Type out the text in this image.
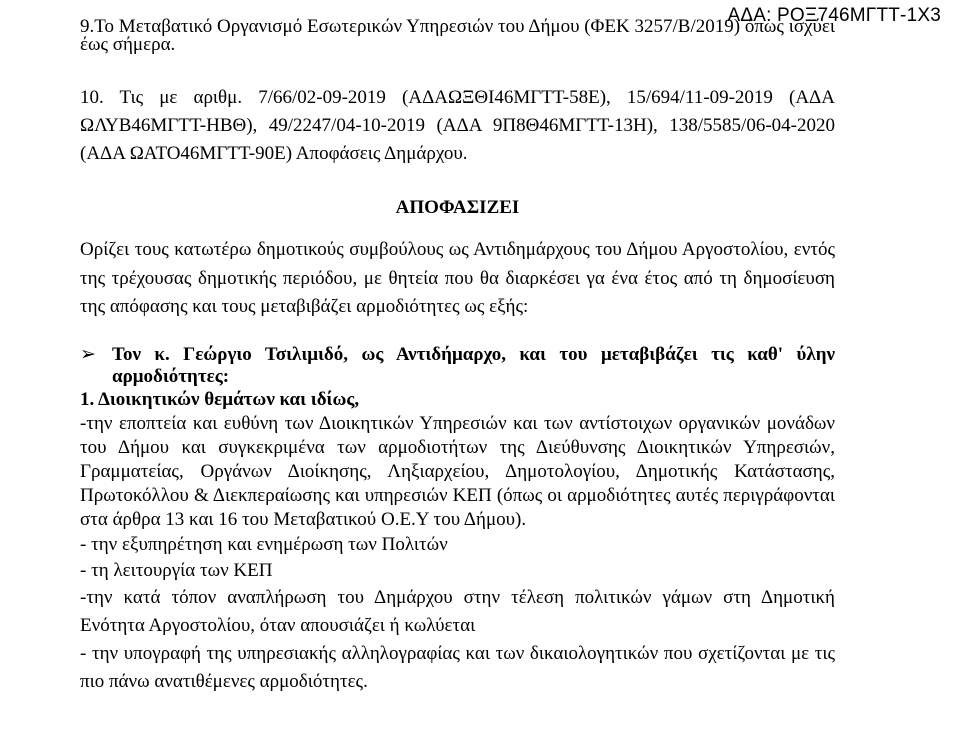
ΑΔΑ: ΡΟΞ746ΜΓΤΤ-1Χ3

9.Το Μεταβατικό Οργανισμό Εσωτερικών Υπηρεσιών του Δήμου (ΦΕΚ 3257/Β/2019) όπως ισχύει έως σήμερα.

10. Τις με αριθμ. 7/66/02-09-2019 (ΑΔΑΩΞΘΙ46ΜΓΤΤ-58Ε), 15/694/11-09-2019 (ΑΔΑ ΩΛΥΒ46ΜΓΤΤ-ΗΒΘ), 49/2247/04-10-2019 (ΑΔΑ 9Π8Θ46ΜΓΤΤ-13Η), 138/5585/06-04-2020 (ΑΔΑ ΩΑΤΟ46ΜΓΤΤ-90Ε) Αποφάσεις Δημάρχου.

ΑΠΟΦΑΣΙΖΕΙ

Ορίζει τους κατωτέρω δημοτικούς συμβούλους ως Αντιδημάρχους του Δήμου Αργοστολίου, εντός της τρέχουσας δημοτικής περιόδου, με θητεία που θα διαρκέσει γα ένα έτος από τη δημοσίευση της απόφασης και τους μεταβιβάζει αρμοδιότητες ως εξής:

➢ Τον κ. Γεώργιο Τσιλιμιδό, ως Αντιδήμαρχο, και του μεταβιβάζει τις καθ' ύλην αρμοδιότητες:

1. Διοικητικών θεμάτων και ιδίως,

-την εποπτεία και ευθύνη των Διοικητικών Υπηρεσιών και των αντίστοιχων οργανικών μονάδων του Δήμου και συγκεκριμένα των αρμοδιοτήτων της Διεύθυνσης Διοικητικών Υπηρεσιών, Γραμματείας, Οργάνων Διοίκησης, Ληξιαρχείου, Δημοτολογίου, Δημοτικής Κατάστασης, Πρωτοκόλλου & Διεκπεραίωσης και υπηρεσιών ΚΕΠ (όπως οι αρμοδιότητες αυτές περιγράφονται στα άρθρα 13 και 16 του Μεταβατικού Ο.Ε.Υ του Δήμου).

- την εξυπηρέτηση και ενημέρωση των Πολιτών

- τη λειτουργία των ΚΕΠ

-την κατά τόπον αναπλήρωση του Δημάρχου στην τέλεση πολιτικών γάμων στη Δημοτική Ενότητα Αργοστολίου, όταν απουσιάζει ή κωλύεται

- την υπογραφή της υπηρεσιακής αλληλογραφίας και των δικαιολογητικών που σχετίζονται με τις πιο πάνω ανατιθέμενες αρμοδιότητες.
